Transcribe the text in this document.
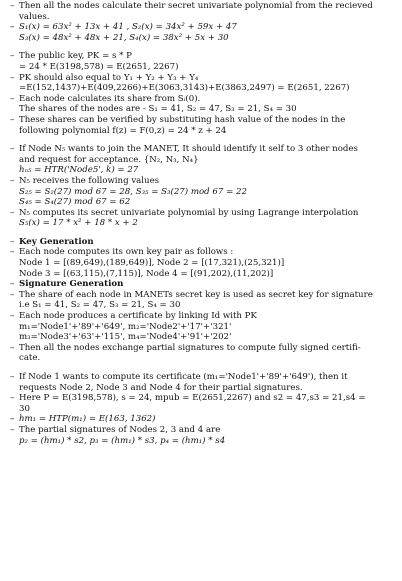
– Then all the nodes calculate their secret univariate polynomial from the recieved
values.
– S₁(x) = 63x² + 13x + 41 , S₂(x) = 34x² + 59x + 47
S₃(x) = 48x² + 48x + 21, S₄(x) = 38x² + 5x + 30
– The public key, PK = s * P
= 24 * E(3198,578) = E(2651, 2267)
– PK should also equal to Y₁ + Y₂ + Y₃ + Y₄
=E(152,1437)+E(409,2266)+E(3063,3143)+E(3863,2497) = E(2651, 2267)
– Each node calculates its share from Sᵢ(0).
The shares of the nodes are - S₁ = 41, S₂ = 47, S₃ = 21, S₄ = 30
– These shares can be verified by substituting hash value of the nodes in the
following polynomial f(z) = F(0,z) = 24 * z + 24
– If Node N₅ wants to join the MANET, It should identify it self to 3 other nodes
and request for acceptance. {N₂, N₃, N₄}
hₙ₅ = HTR('Node5', k) = 27
– N₅ receives the following values
S₂₅ = S₂(27) mod 67 = 28, S₃₅ = S₃(27) mod 67 = 22
S₄₅ = S₄(27) mod 67 = 62
– N₅ computes its secret univariate polynomial by using Lagrange interpolation
S₅(x) = 17 * x² + 18 * x + 2
– Key Generation
– Each node computes its own key pair as follows :
Node 1 = [(89,649),(189,649)], Node 2 = [(17,321),(25,321)]
Node 3 = [(63,115),(7,115)], Node 4 = [(91,202),(11,202)]
– Signature Generation
– The share of each node in MANETs secret key is used as secret key for signature
i.e S₁ = 41, S₂ = 47, S₃ = 21, S₄ = 30
– Each node produces a certificate by linking Id with PK
m₁='Node1'+'89'+'649', m₂='Node2'+'17'+'321'
m₃='Node3'+'63'+'115', m₄='Node4'+'91'+'202'
– Then all the nodes exchange partial signatures to compute fully signed certifi-
cate.
– If Node 1 wants to compute its certificate (m₁='Node1'+'89'+'649'), then it
requests Node 2, Node 3 and Node 4 for their partial signatures.
– Here P = E(3198,578), s = 24, mpub = E(2651,2267) and s2 = 47,s3 = 21,s4 =
30
– hm₁ = HTP(m₁) = E(163, 1362)
– The partial signatures of Nodes 2, 3 and 4 are
p₂ = (hm₁) * s2, p₃ = (hm₁) * s3, p₄ = (hm₁) * s4
